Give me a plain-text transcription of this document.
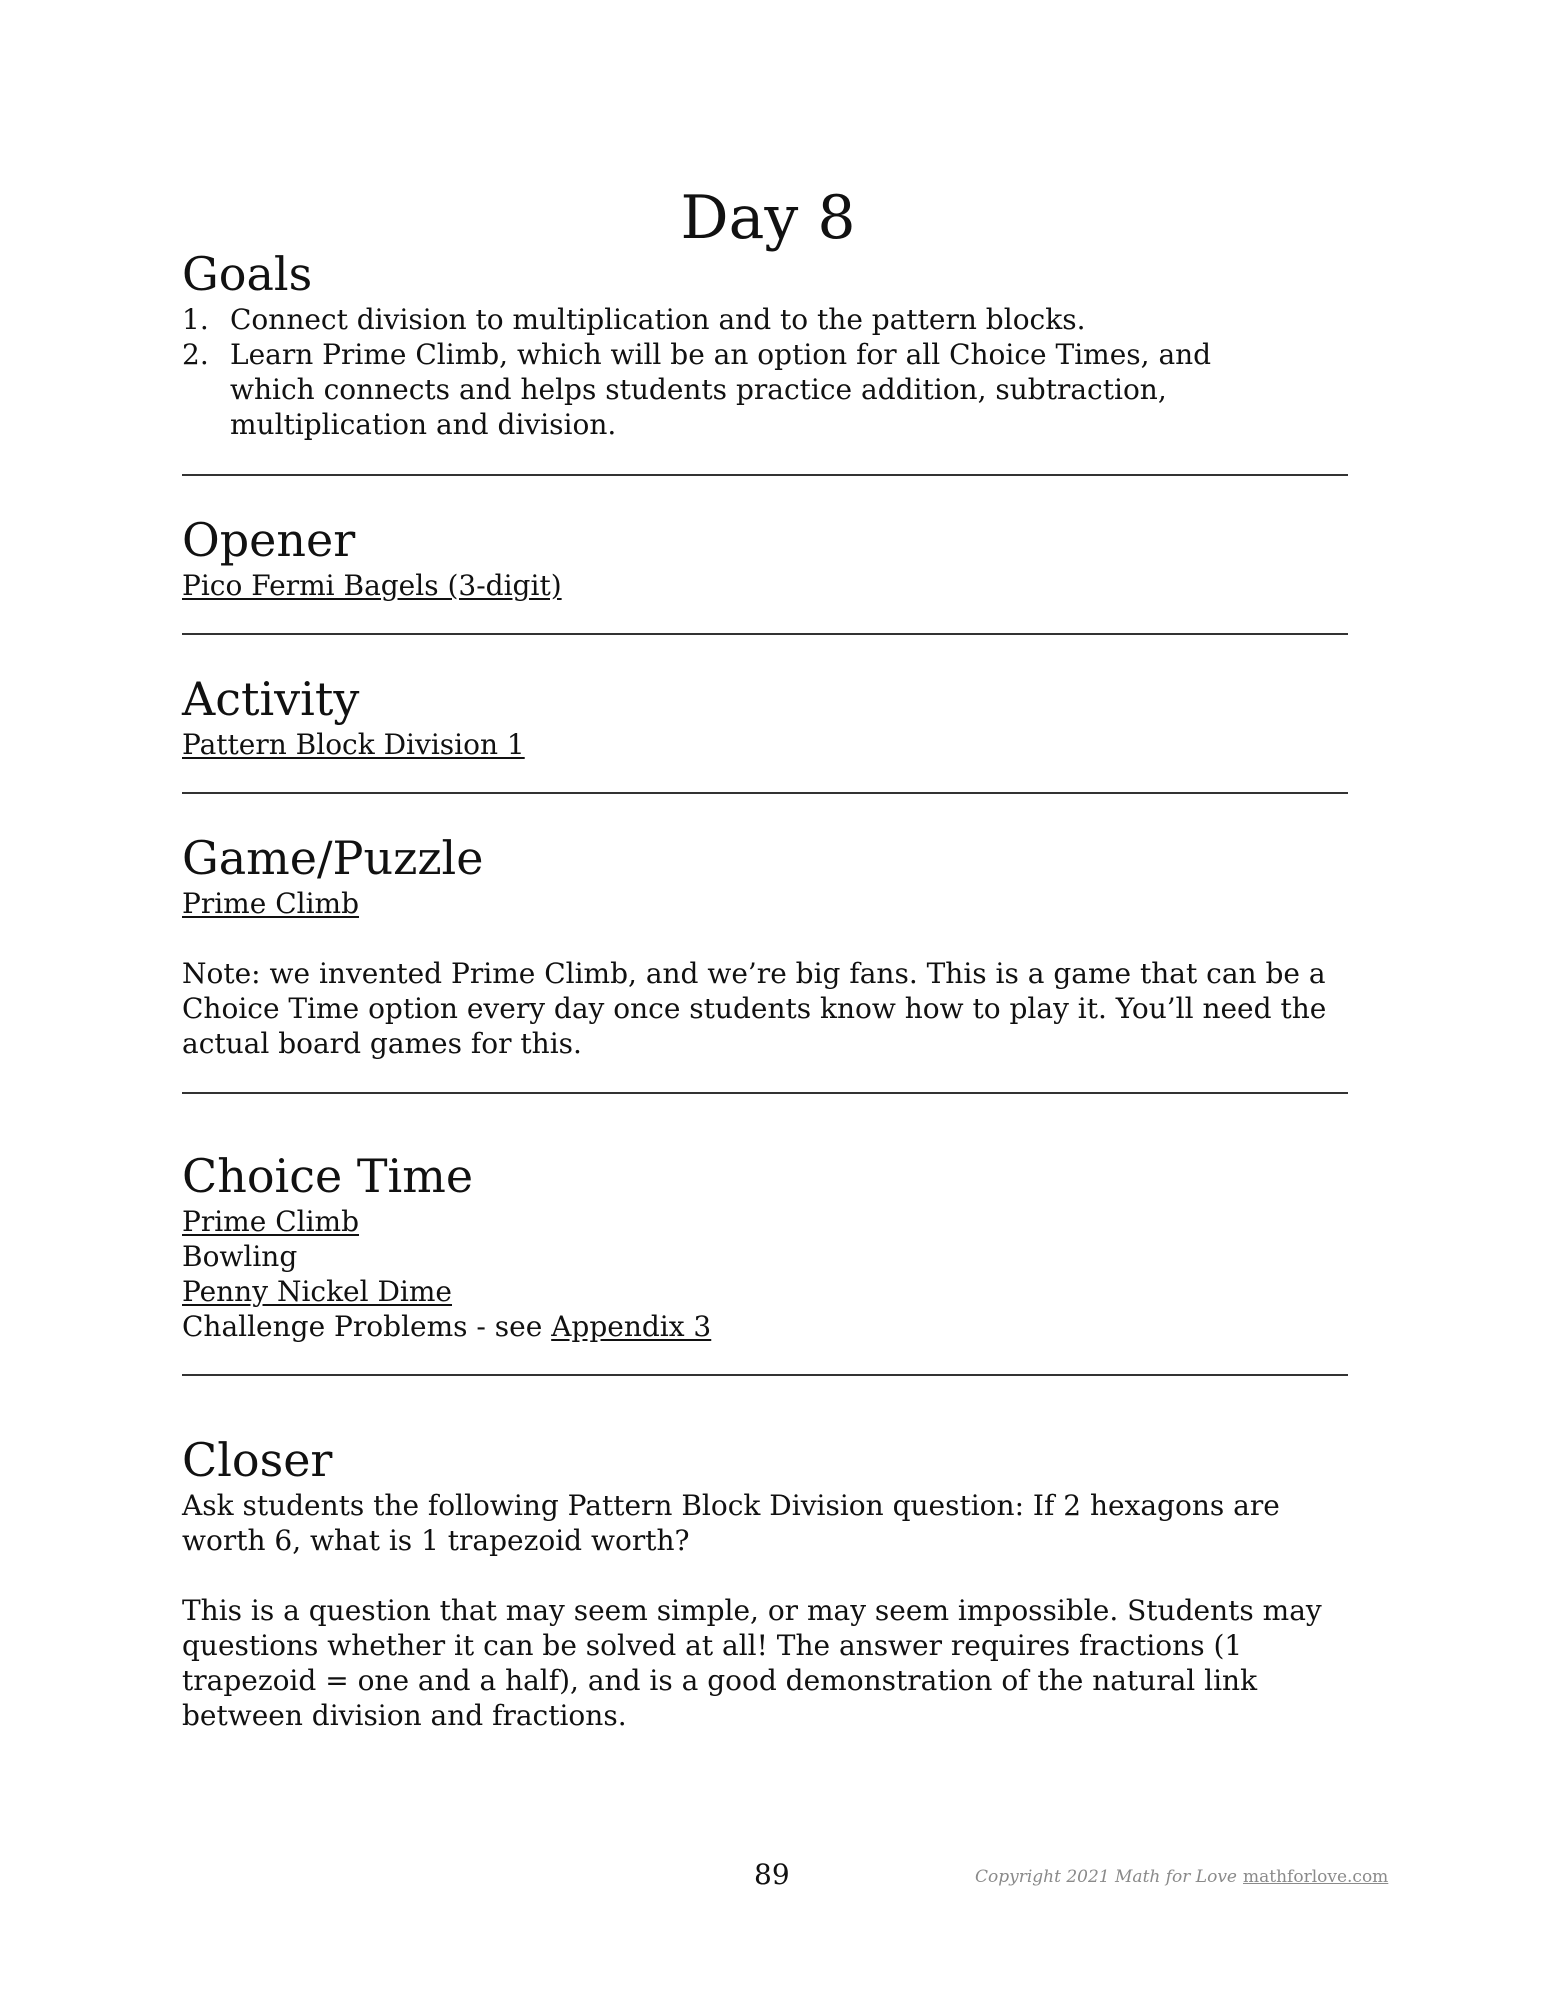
Day 8
Goals
1. Connect division to multiplication and to the pattern blocks.
2. Learn Prime Climb, which will be an option for all Choice Times, and which connects and helps students practice addition, subtraction, multiplication and division.
Opener

Pico Fermi Bagels (3-digit)

Activity

Pattern Block Division 1

Game/Puzzle

Prime Climb

Note: we invented Prime Climb, and we’re big fans. This is a game that can be a Choice Time option every day once students know how to play it. You’ll need the actual board games for this.

Choice Time

Prime Climb

Bowling

Penny Nickel Dime

Challenge Problems - see Appendix 3

Closer

Ask students the following Pattern Block Division question: If 2 hexagons are worth 6, what is 1 trapezoid worth?

This is a question that may seem simple, or may seem impossible. Students may questions whether it can be solved at all! The answer requires fractions (1 trapezoid = one and a half), and is a good demonstration of the natural link between division and fractions.

89	Copyright 2021 Math for Love mathforlove.com
